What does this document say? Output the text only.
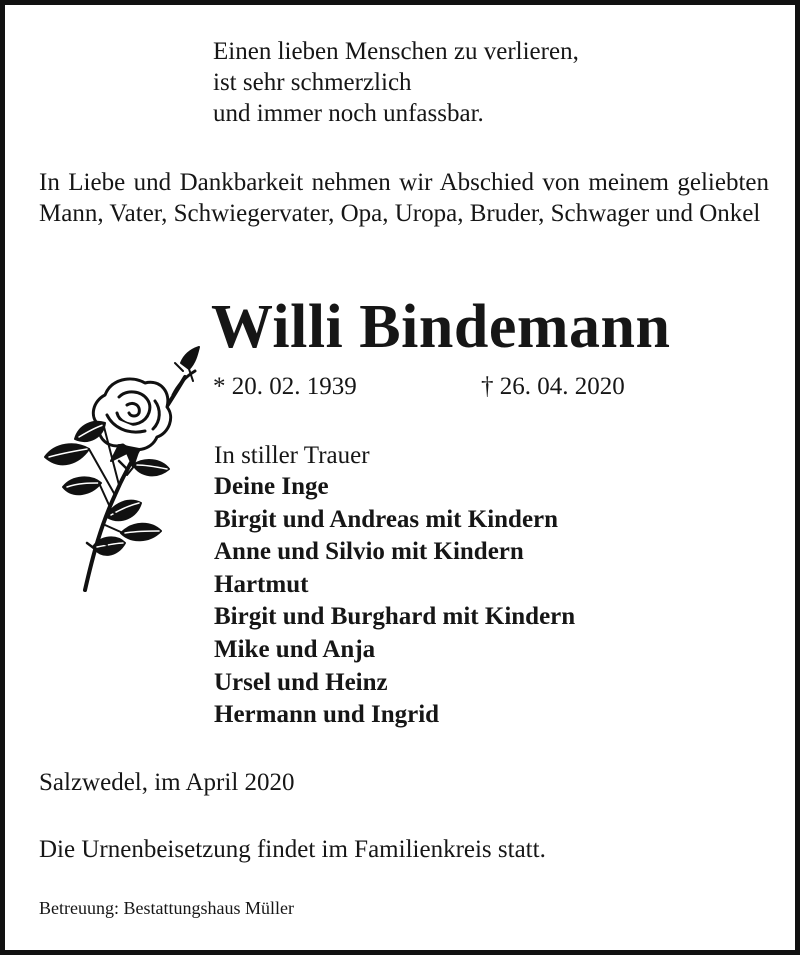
Einen lieben Menschen zu verlieren,
ist sehr schmerzlich
und immer noch unfassbar.
In Liebe und Dankbarkeit nehmen wir Abschied von meinem geliebten Mann, Vater, Schwiegervater, Opa, Uropa, Bruder, Schwager und Onkel
Willi Bindemann
* 20. 02. 1939	† 26. 04. 2020
In stiller Trauer
Deine Inge
Birgit und Andreas mit Kindern
Anne und Silvio mit Kindern
Hartmut
Birgit und Burghard mit Kindern
Mike und Anja
Ursel und Heinz
Hermann und Ingrid
Salzwedel, im April 2020
Die Urnenbeisetzung findet im Familienkreis statt.
Betreuung: Bestattungshaus Müller
